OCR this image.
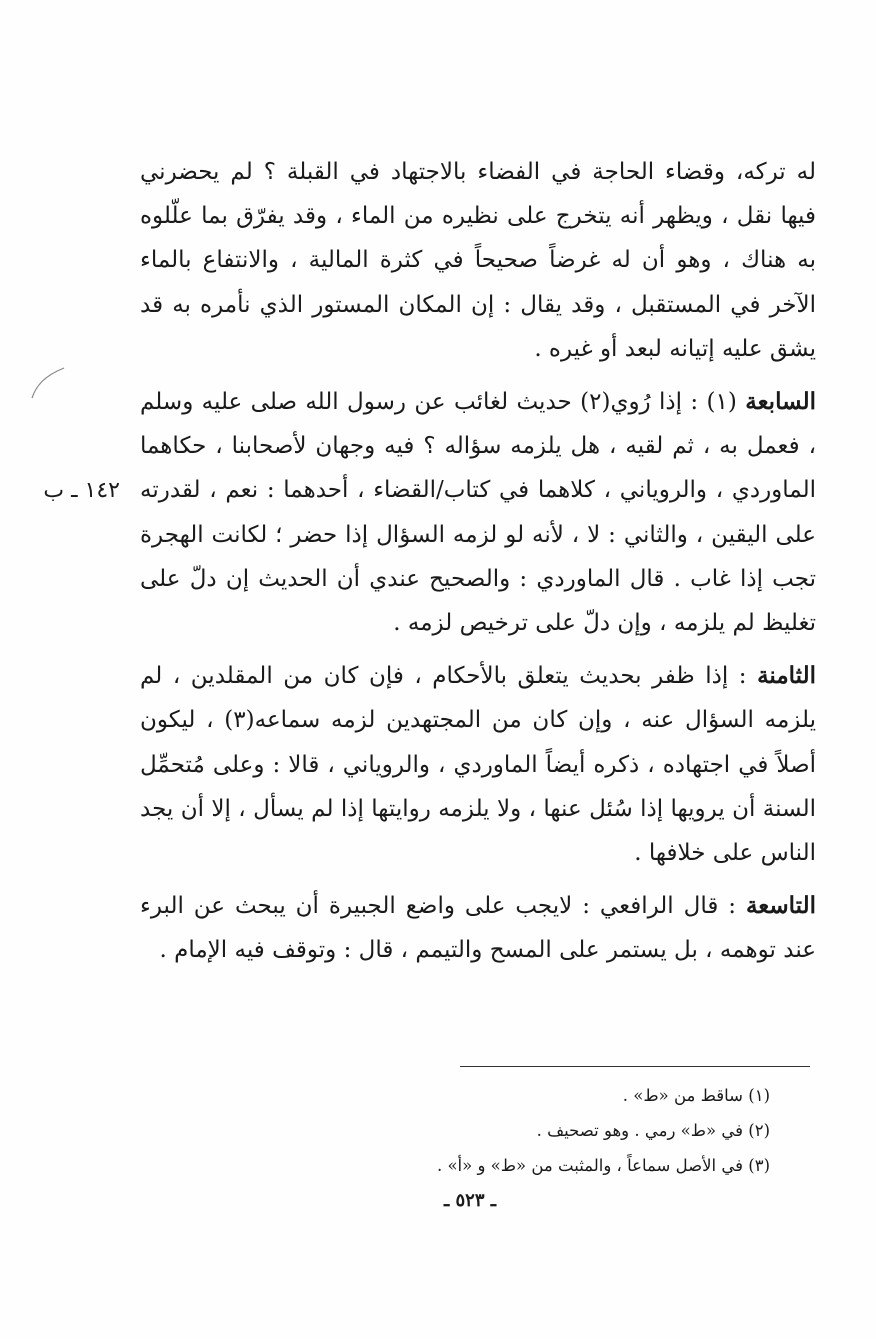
له تركه، وقضاء الحاجة في الفضاء بالاجتهاد في القبلة ؟ لم يحضرني فيها نقل ، ويظهر أنه يتخرج على نظيره من الماء ، وقد يفرّق بما علّلوه به هناك ، وهو أن له غرضاً صحيحاً في كثرة المالية ، والانتفاع بالماء الآخر في المستقبل ، وقد يقال : إن المكان المستور الذي نأمره به قد يشق عليه إتيانه لبعد أو غيره .

السابعة (١) : إذا رُوي(٢) حديث لغائب عن رسول الله صلى عليه وسلم ، فعمل به ، ثم لقيه ، هل يلزمه سؤاله ؟ فيه وجهان لأصحابنا ، حكاهما الماوردي ، والروياني ، كلاهما في كتاب/القضاء ، أحدهما : نعم ، لقدرته على اليقين ، والثاني : لا ، لأنه لو لزمه السؤال إذا حضر ؛ لكانت الهجرة تجب إذا غاب . قال الماوردي : والصحيح عندي أن الحديث إن دلّ على تغليظ لم يلزمه ، وإن دلّ على ترخيص لزمه .

الثامنة : إذا ظفر بحديث يتعلق بالأحكام ، فإن كان من المقلدين ، لم يلزمه السؤال عنه ، وإن كان من المجتهدين لزمه سماعه(٣) ، ليكون أصلاً في اجتهاده ، ذكره أيضاً الماوردي ، والروياني ، قالا : وعلى مُتحمِّل السنة أن يرويها إذا سُئل عنها ، ولا يلزمه روايتها إذا لم يسأل ، إلا أن يجد الناس على خلافها .

التاسعة : قال الرافعي : لايجب على واضع الجبيرة أن يبحث عن البرء عند توهمه ، بل يستمر على المسح والتيمم ، قال : وتوقف فيه الإمام .

١٤٢ ـ ب

(١) ساقط من «ط» .

(٢) في «ط» رمي . وهو تصحيف .

(٣) في الأصل سماعاً ، والمثبت من «ط» و «أ» .

ـ ٥٢٣ ـ
